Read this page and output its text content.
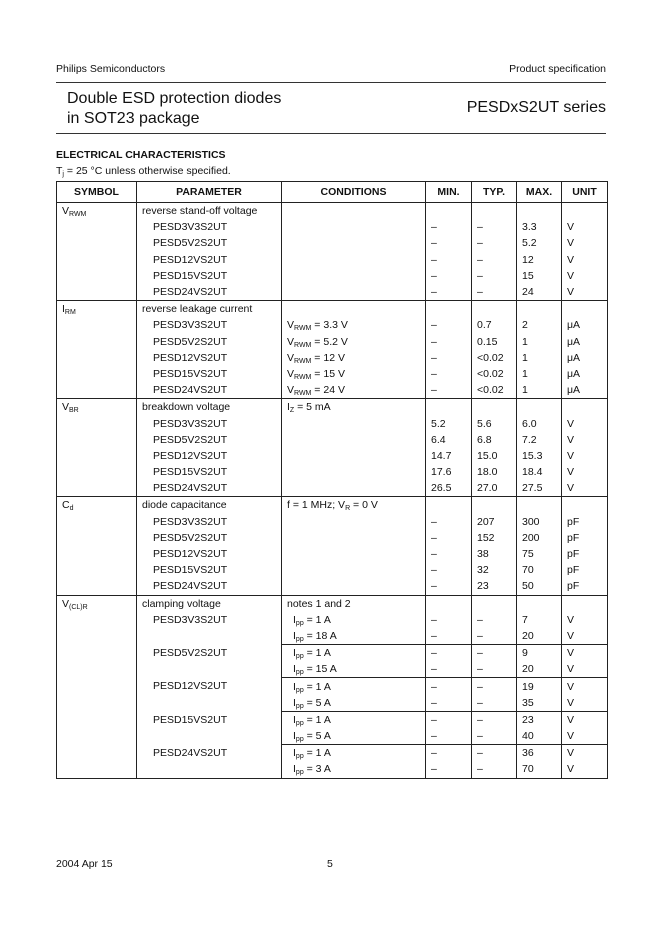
Philips Semiconductors	Product specification
Double ESD protection diodes
in SOT23 package
PESDxS2UT series
ELECTRICAL CHARACTERISTICS
$T_j = 25$ °C unless otherwise specified.
SYMBOL	PARAMETER	CONDITIONS	MIN.	TYP.	MAX.	UNIT
$V_{RWM}$	reverse stand-off voltage					
	PESD3V3S2UT		–	–	3.3	V
	PESD5V2S2UT		–	–	5.2	V
	PESD12VS2UT		–	–	12	V
	PESD15VS2UT		–	–	15	V
	PESD24VS2UT		–	–	24	V
$I_{RM}$	reverse leakage current					
	PESD3V3S2UT	$V_{RWM} = 3.3$ V	–	0.7	2	μA
	PESD5V2S2UT	$V_{RWM} = 5.2$ V	–	0.15	1	μA
	PESD12VS2UT	$V_{RWM} = 12$ V	–	<0.02	1	μA
	PESD15VS2UT	$V_{RWM} = 15$ V	–	<0.02	1	μA
	PESD24VS2UT	$V_{RWM} = 24$ V	–	<0.02	1	μA
$V_{BR}$	breakdown voltage	$I_Z = 5$ mA				
	PESD3V3S2UT		5.2	5.6	6.0	V
	PESD5V2S2UT		6.4	6.8	7.2	V
	PESD12VS2UT		14.7	15.0	15.3	V
	PESD15VS2UT		17.6	18.0	18.4	V
	PESD24VS2UT		26.5	27.0	27.5	V
$C_d$	diode capacitance	f = 1 MHz; $V_R = 0$ V				
	PESD3V3S2UT		–	207	300	pF
	PESD5V2S2UT		–	152	200	pF
	PESD12VS2UT		–	38	75	pF
	PESD15VS2UT		–	32	70	pF
	PESD24VS2UT		–	23	50	pF
$V_{(CL)R}$	clamping voltage	notes 1 and 2				
	PESD3V3S2UT	$I_{pp} = 1$ A	–	–	7	V
		$I_{pp} = 18$ A	–	–	20	V
	PESD5V2S2UT	$I_{pp} = 1$ A	–	–	9	V
		$I_{pp} = 15$ A	–	–	20	V
	PESD12VS2UT	$I_{pp} = 1$ A	–	–	19	V
		$I_{pp} = 5$ A	–	–	35	V
	PESD15VS2UT	$I_{pp} = 1$ A	–	–	23	V
		$I_{pp} = 5$ A	–	–	40	V
	PESD24VS2UT	$I_{pp} = 1$ A	–	–	36	V
		$I_{pp} = 3$ A	–	–	70	V
2004 Apr 15	5
